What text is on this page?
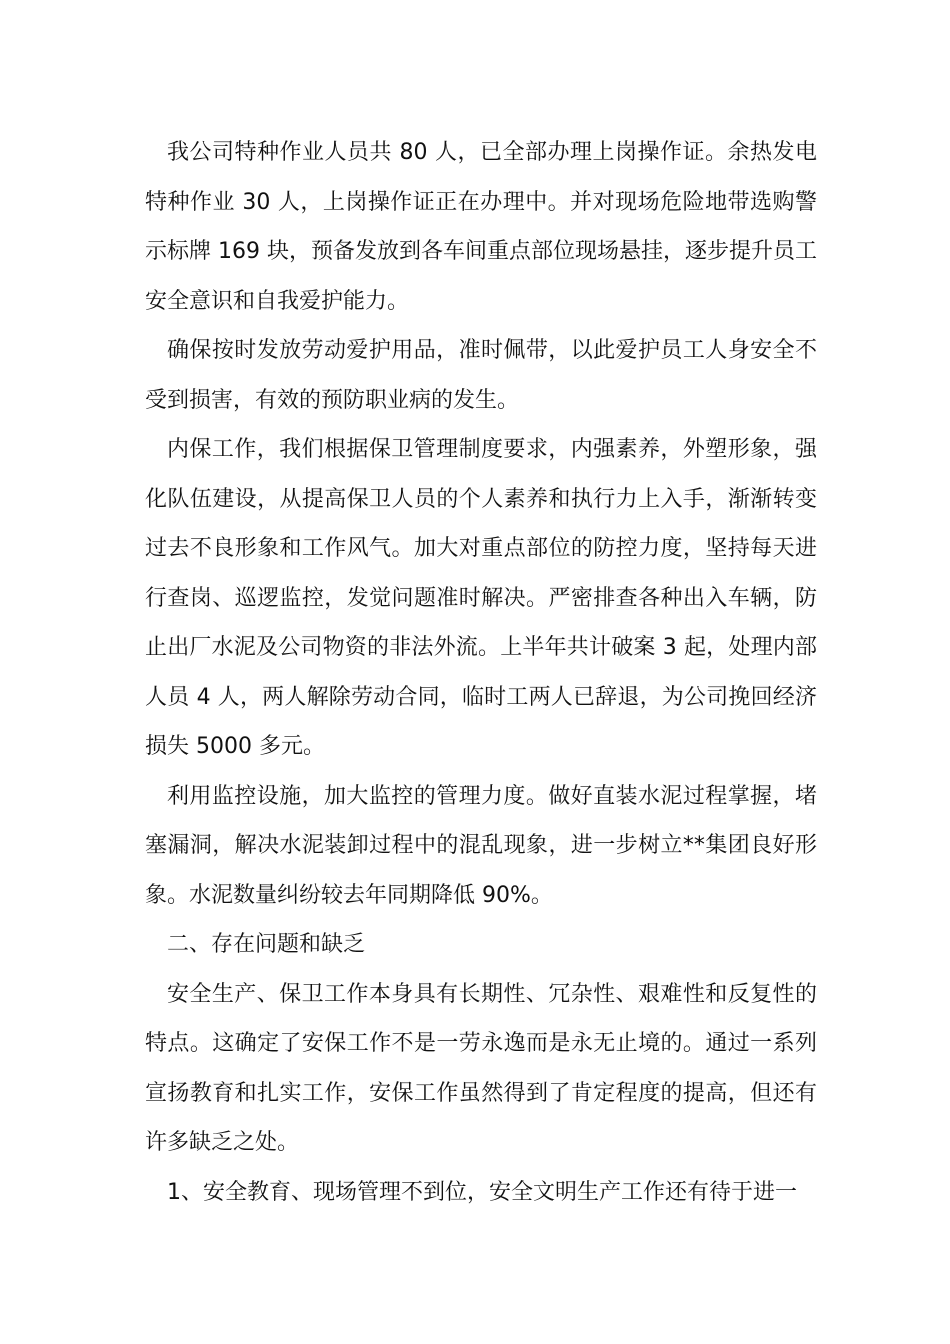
我公司特种作业人员共 80 人，已全部办理上岗操作证。余热发电特种作业 30 人，上岗操作证正在办理中。并对现场危险地带选购警示标牌 169 块，预备发放到各车间重点部位现场悬挂，逐步提升员工安全意识和自我爱护能力。

确保按时发放劳动爱护用品，准时佩带，以此爱护员工人身安全不受到损害，有效的预防职业病的发生。

内保工作，我们根据保卫管理制度要求，内强素养，外塑形象，强化队伍建设，从提高保卫人员的个人素养和执行力上入手，渐渐转变过去不良形象和工作风气。加大对重点部位的防控力度，坚持每天进行查岗、巡逻监控，发觉问题准时解决。严密排查各种出入车辆，防止出厂水泥及公司物资的非法外流。上半年共计破案 3 起，处理内部人员 4 人，两人解除劳动合同，临时工两人已辞退，为公司挽回经济损失 5000 多元。

利用监控设施，加大监控的管理力度。做好直装水泥过程掌握，堵塞漏洞，解决水泥装卸过程中的混乱现象，进一步树立**集团良好形象。水泥数量纠纷较去年同期降低 90%。

二、存在问题和缺乏

安全生产、保卫工作本身具有长期性、冗杂性、艰难性和反复性的特点。这确定了安保工作不是一劳永逸而是永无止境的。通过一系列宣扬教育和扎实工作，安保工作虽然得到了肯定程度的提高，但还有许多缺乏之处。

1、安全教育、现场管理不到位，安全文明生产工作还有待于进一
